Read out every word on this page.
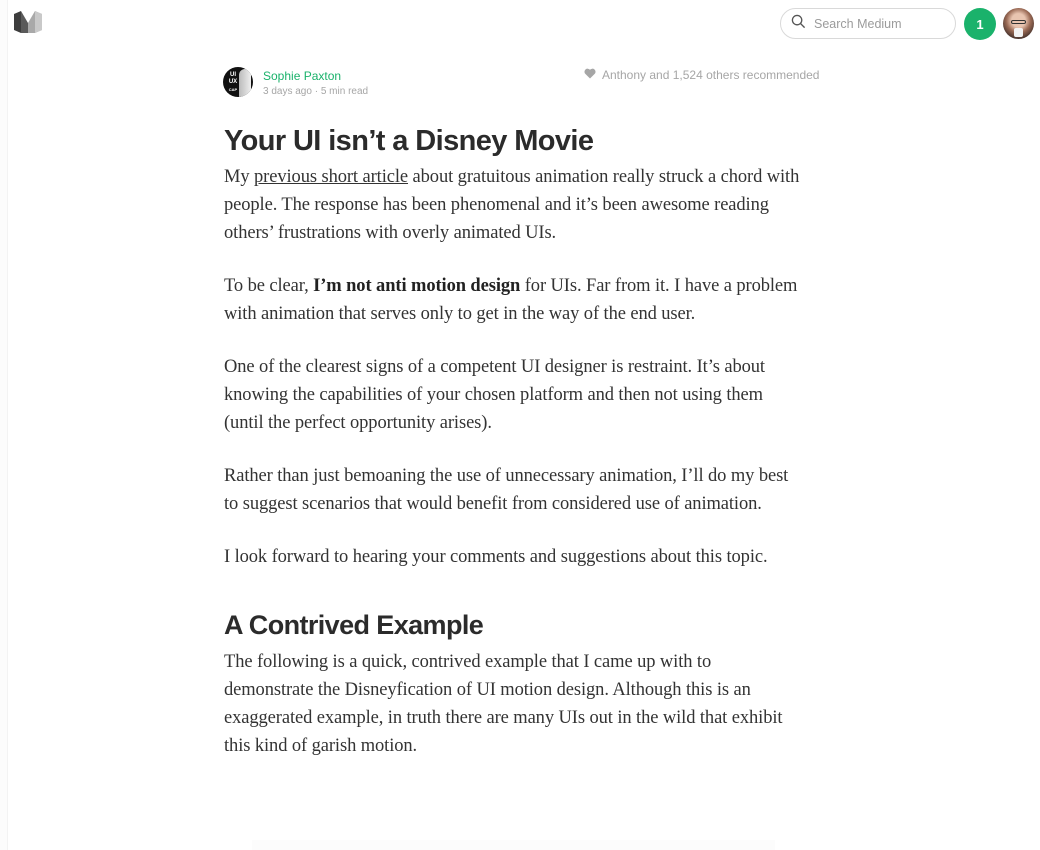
Search Medium
1
UI
UX
CAP
Sophie Paxton
3 days ago · 5 min read
Anthony and 1,524 others recommended
Your UI isn’t a Disney Movie

My previous short article about gratuitous animation really struck a chord with people. The response has been phenomenal and it’s been awesome reading others’ frustrations with overly animated UIs.

To be clear, I’m not anti motion design for UIs. Far from it. I have a problem with animation that serves only to get in the way of the end user.

One of the clearest signs of a competent UI designer is restraint. It’s about knowing the capabilities of your chosen platform and then not using them (until the perfect opportunity arises).

Rather than just bemoaning the use of unnecessary animation, I’ll do my best to suggest scenarios that would benefit from considered use of animation.

I look forward to hearing your comments and suggestions about this topic.

A Contrived Example

The following is a quick, contrived example that I came up with to demonstrate the Disneyfication of UI motion design. Although this is an exaggerated example, in truth there are many UIs out in the wild that exhibit this kind of garish motion.
